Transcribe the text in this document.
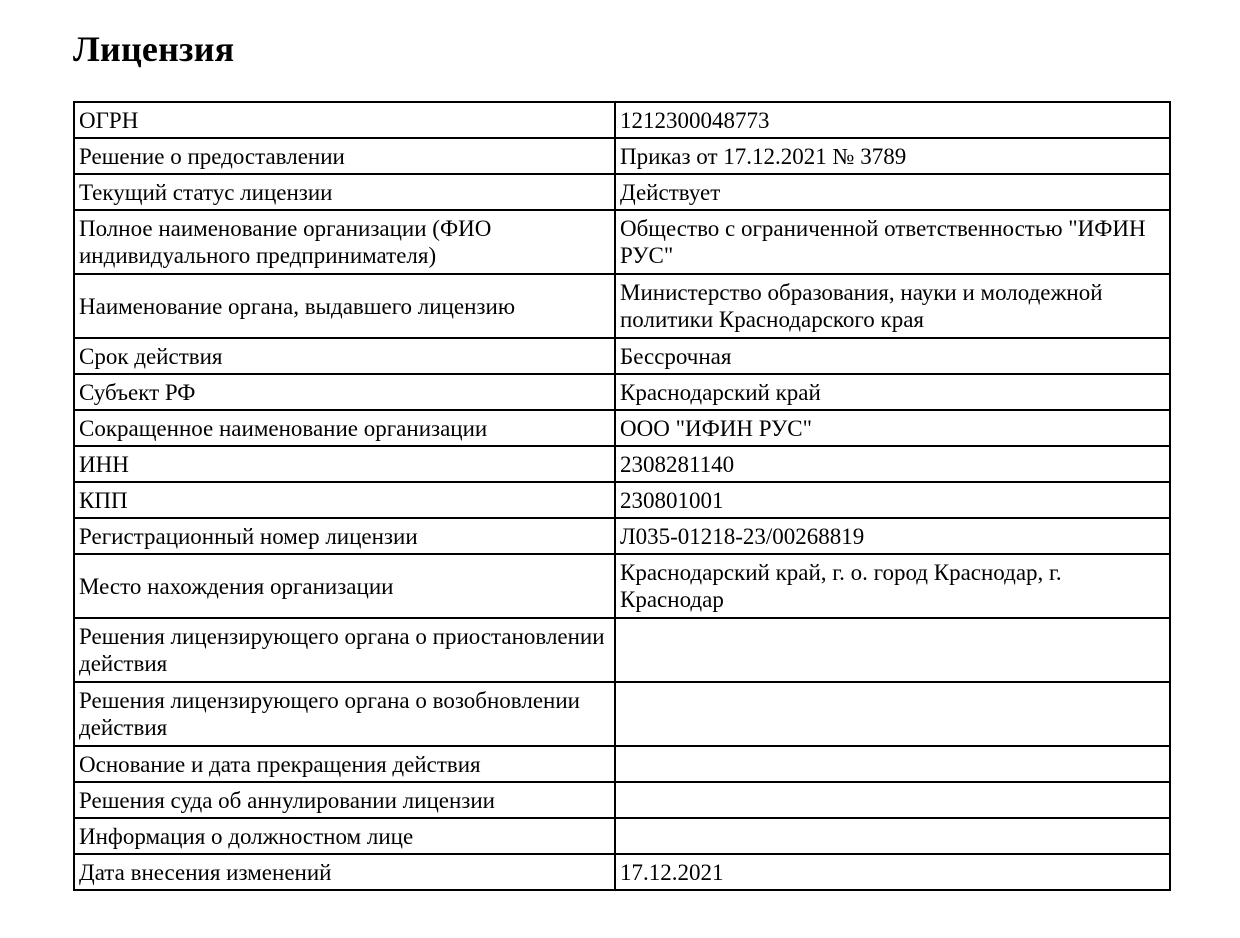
Лицензия
ОГРН	1212300048773
Решение о предоставлении	Приказ от 17.12.2021 № 3789
Текущий статус лицензии	Действует
Полное наименование организации (ФИО индивидуального предпринимателя)	Общество с ограниченной ответственностью "ИФИН РУС"
Наименование органа, выдавшего лицензию	Министерство образования, науки и молодежной политики Краснодарского края
Срок действия	Бессрочная
Субъект РФ	Краснодарский край
Сокращенное наименование организации	ООО "ИФИН РУС"
ИНН	2308281140
КПП	230801001
Регистрационный номер лицензии	Л035-01218-23/00268819
Место нахождения организации	Краснодарский край, г. о. город Краснодар, г. Краснодар
Решения лицензирующего органа о приостановлении действия	
Решения лицензирующего органа о возобновлении действия	
Основание и дата прекращения действия	
Решения суда об аннулировании лицензии	
Информация о должностном лице	
Дата внесения изменений	17.12.2021
